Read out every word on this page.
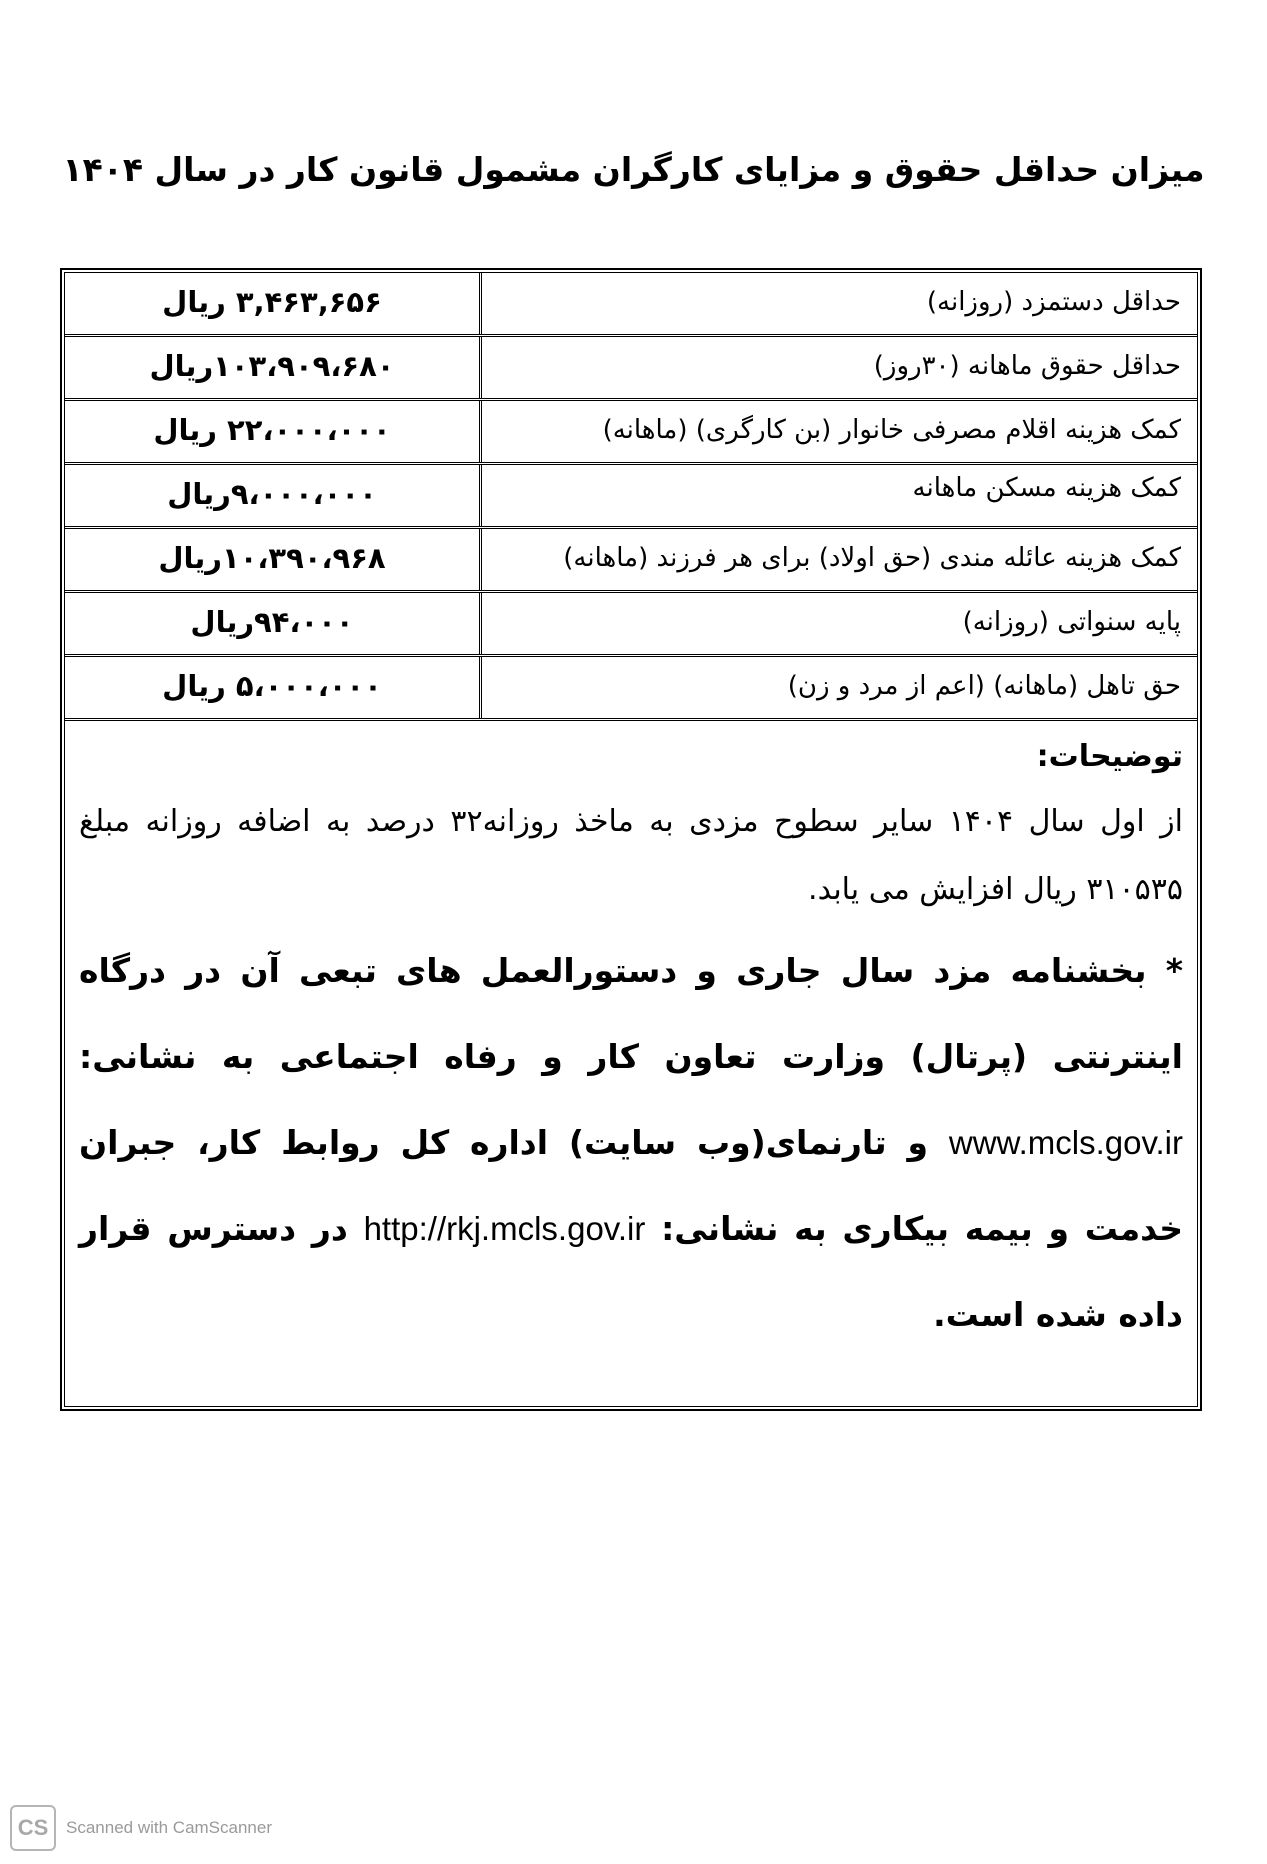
میزان حداقل حقوق و مزایای کارگران مشمول قانون کار در سال ۱۴۰۴
حداقل دستمزد (روزانه)
۳,۴۶۳,۶۵۶ ریال
حداقل حقوق ماهانه (۳۰روز)
۱۰۳،۹۰۹،۶۸۰ریال
کمک هزینه اقلام مصرفی خانوار (بن کارگری) (ماهانه)
۲۲،۰۰۰،۰۰۰ ریال
کمک هزینه مسکن ماهانه
۹،۰۰۰،۰۰۰ریال
کمک هزینه عائله مندی (حق اولاد) برای هر فرزند (ماهانه)
۱۰،۳۹۰،۹۶۸ریال
پایه سنواتی (روزانه)
۹۴،۰۰۰ریال
حق تاهل (ماهانه) (اعم از مرد و زن)
۵،۰۰۰،۰۰۰ ریال
توضیحات:
از اول سال ۱۴۰۴ سایر سطوح مزدی به ماخذ روزانه۳۲ درصد به اضافه روزانه مبلغ ۳۱۰۵۳۵ ریال افزایش می یابد.
* بخشنامه مزد سال جاری و دستورالعمل های تبعی آن در درگاه اینترنتی (پرتال) وزارت تعاون کار و رفاه اجتماعی به نشانی: www.mcls.gov.ir و تارنمای(وب سایت) اداره کل روابط کار، جبران خدمت و بیمه بیکاری به نشانی: http://rkj.mcls.gov.ir در دسترس قرار داده شده است.
CS	Scanned with CamScanner
